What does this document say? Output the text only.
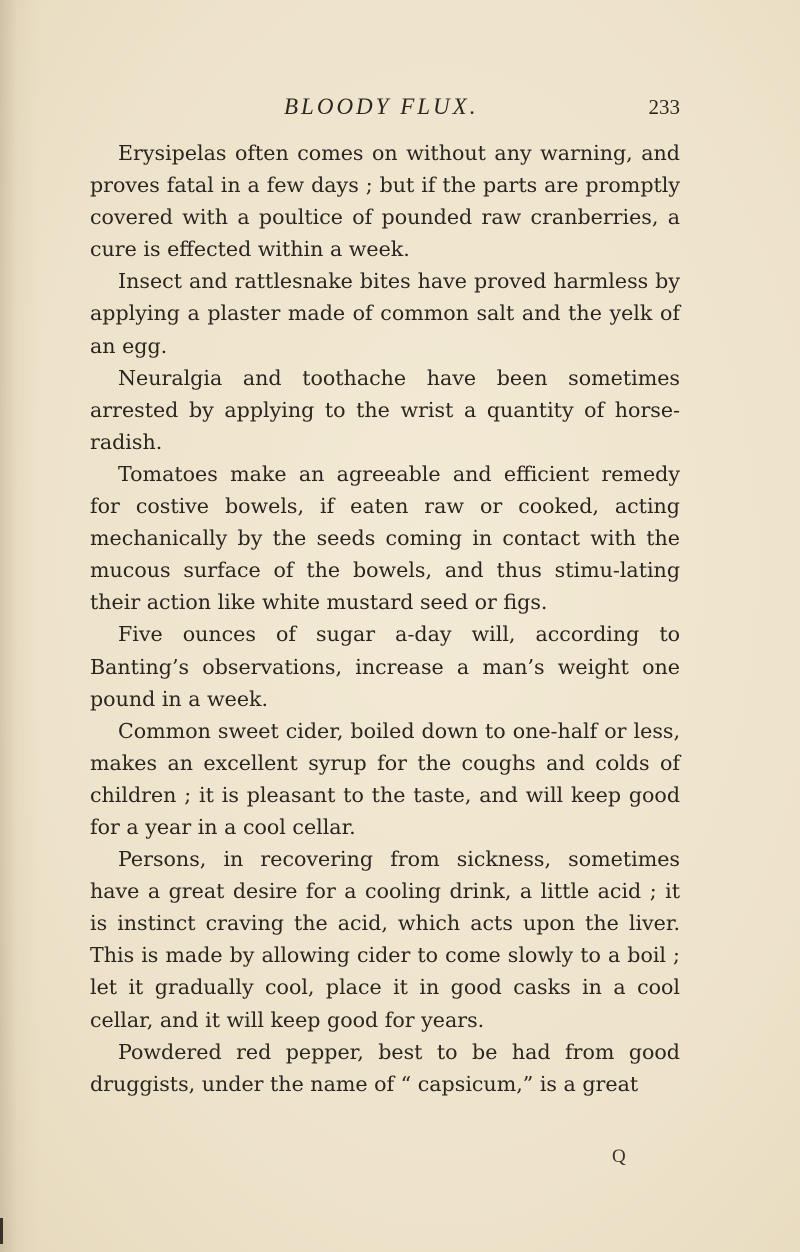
BLOODY FLUX.	233

Erysipelas often comes on without any warning, and proves fatal in a few days ; but if the parts are promptly covered with a poultice of pounded raw cranberries, a cure is effected within a week.

Insect and rattlesnake bites have proved harmless by applying a plaster made of common salt and the yelk of an egg.

Neuralgia and toothache have been sometimes arrested by applying to the wrist a quantity of horse-radish.

Tomatoes make an agreeable and efficient remedy for costive bowels, if eaten raw or cooked, acting mechanically by the seeds coming in contact with the mucous surface of the bowels, and thus stimu-lating their action like white mustard seed or figs.

Five ounces of sugar a-day will, according to Banting’s observations, increase a man’s weight one pound in a week.

Common sweet cider, boiled down to one-half or less, makes an excellent syrup for the coughs and colds of children ; it is pleasant to the taste, and will keep good for a year in a cool cellar.

Persons, in recovering from sickness, sometimes have a great desire for a cooling drink, a little acid ; it is instinct craving the acid, which acts upon the liver. This is made by allowing cider to come slowly to a boil ; let it gradually cool, place it in good casks in a cool cellar, and it will keep good for years.

Powdered red pepper, best to be had from good druggists, under the name of “ capsicum,” is a great

Q
